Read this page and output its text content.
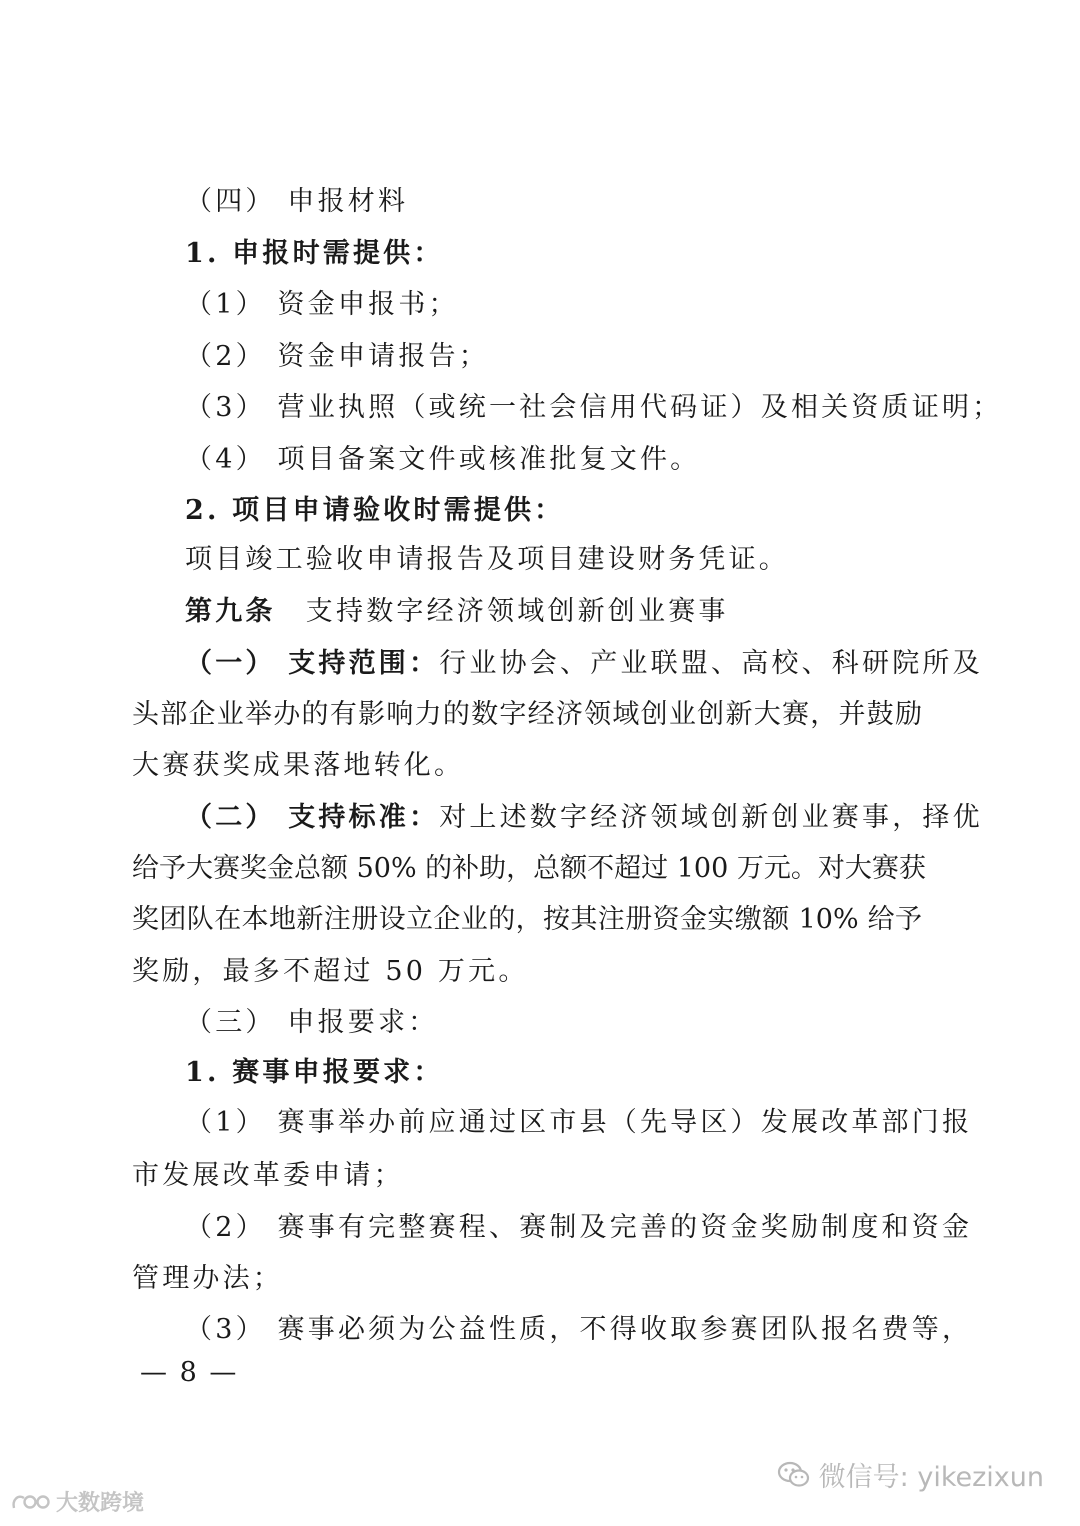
（四） 申报材料
1. 申报时需提供：
（1） 资金申报书；
（2） 资金申请报告；
（3） 营业执照（或统一社会信用代码证）及相关资质证明；
（4） 项目备案文件或核准批复文件。
2. 项目申请验收时需提供：
项目竣工验收申请报告及项目建设财务凭证。
第九条　支持数字经济领域创新创业赛事
（一） 支持范围：行业协会、产业联盟、高校、科研院所及
头部企业举办的有影响力的数字经济领域创业创新大赛，并鼓励
大赛获奖成果落地转化。
（二） 支持标准：对上述数字经济领域创新创业赛事，择优
给予大赛奖金总额 50% 的补助，总额不超过 100 万元。对大赛获
奖团队在本地新注册设立企业的，按其注册资金实缴额 10% 给予
奖励，最多不超过 50 万元。
（三） 申报要求：
1. 赛事申报要求：
（1） 赛事举办前应通过区市县（先导区）发展改革部门报
市发展改革委申请；
（2） 赛事有完整赛程、赛制及完善的资金奖励制度和资金
管理办法；
（3） 赛事必须为公益性质，不得收取参赛团队报名费等，
— 8 —
微信号: yikezixun
大数跨境
